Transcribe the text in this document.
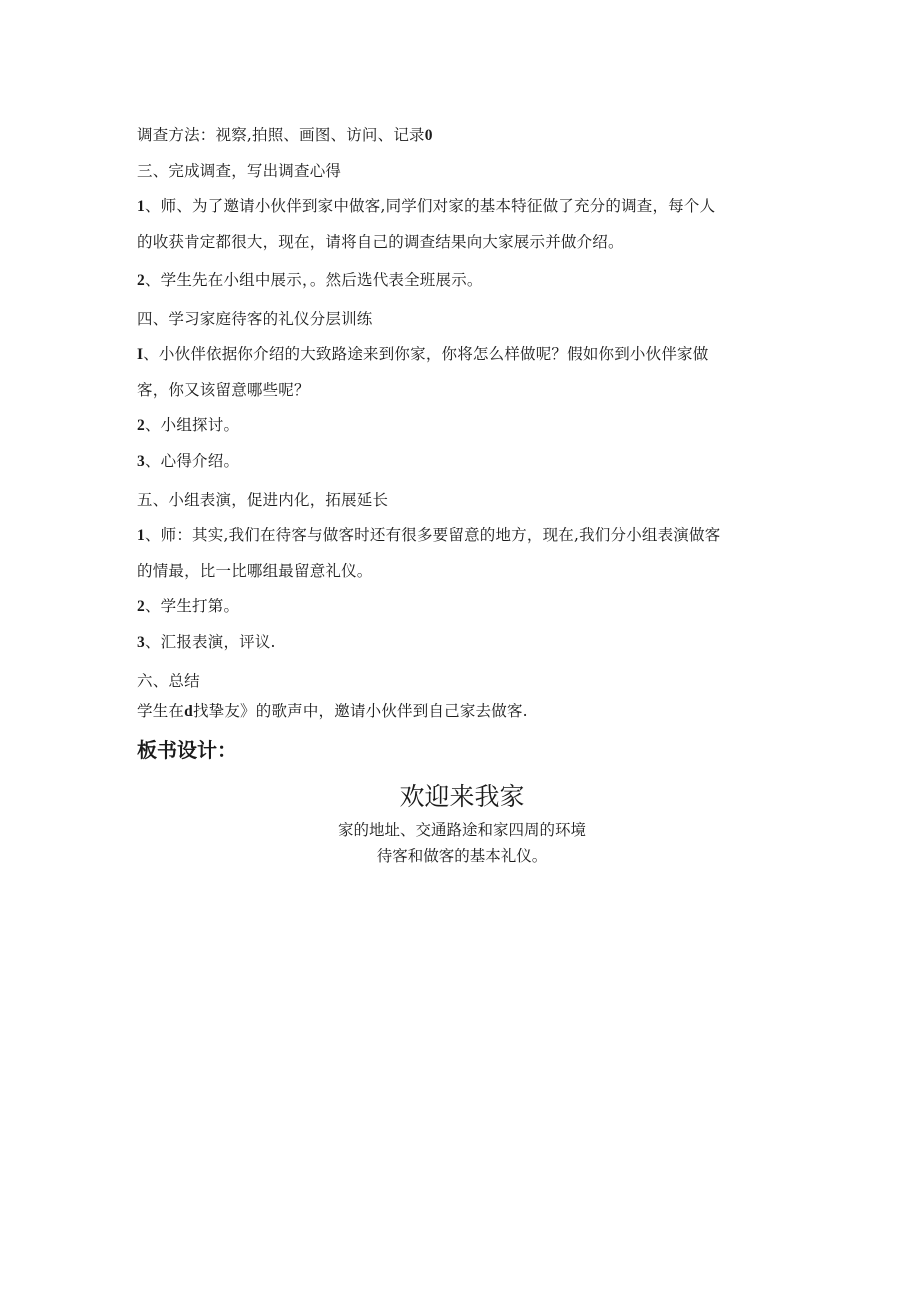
调查方法：视察,拍照、画图、访问、记录0

三、完成调查，写出调查心得

1、师、为了邀请小伙伴到家中做客,同学们对家的基本特征做了充分的调查，每个人

的收获肯定都很大，现在，请将自己的调查结果向大家展示并做介绍。

2、学生先在小组中展示，。然后选代表全班展示。

四、学习家庭待客的礼仪分层训练

I、小伙伴依据你介绍的大致路途来到你家，你将怎么样做呢？假如你到小伙伴家做

客，你又该留意哪些呢？

2、小组探讨。

3、心得介绍。

五、小组表演，促进内化，拓展延长

1、师：其实,我们在待客与做客时还有很多要留意的地方，现在,我们分小组表演做客

的情最，比一比哪组最留意礼仪。

2、学生打第。

3、汇报表演，评议.

六、总结

学生在d找挚友》的歌声中，邀请小伙伴到自己家去做客.

板书设计：
欢迎来我家
家的地址、交通路途和家四周的环境
待客和做客的基本礼仪。
